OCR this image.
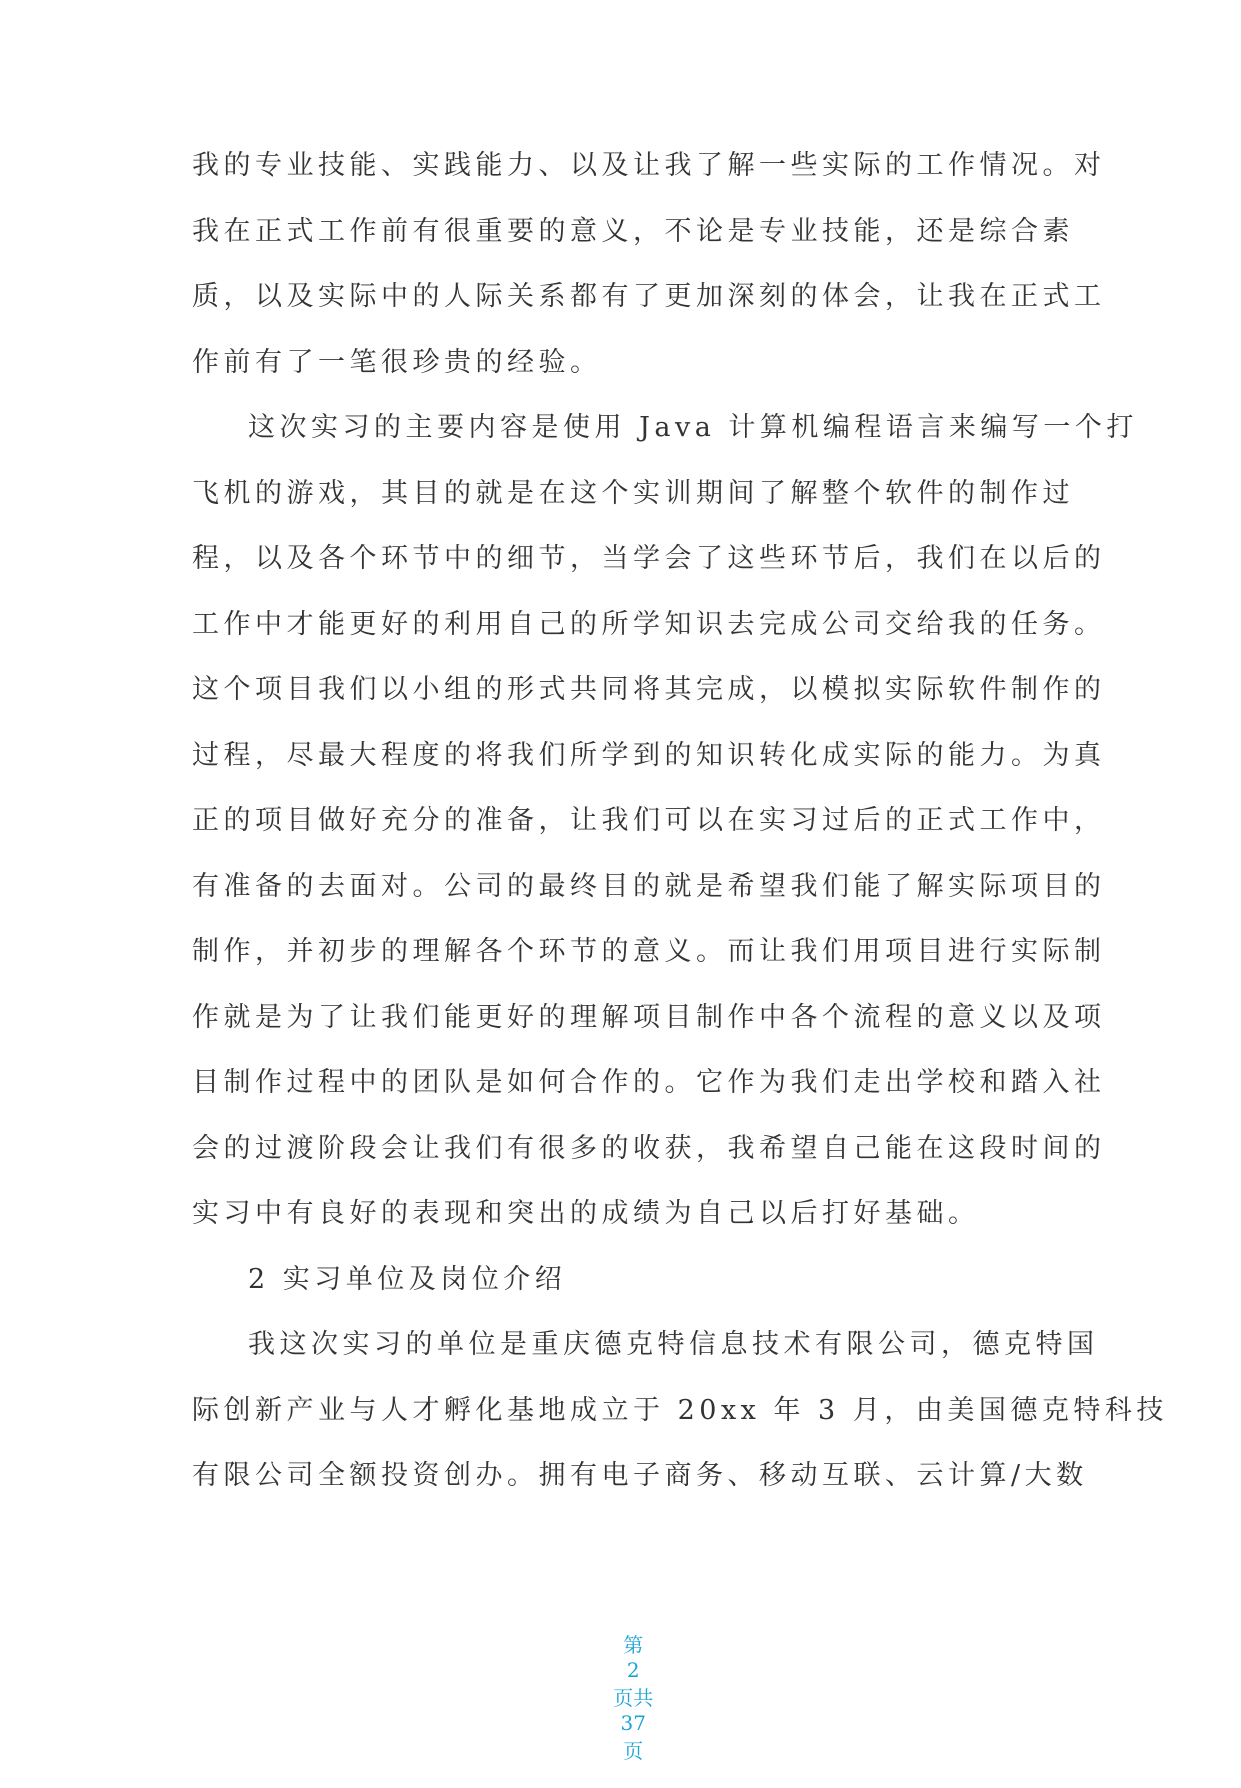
我的专业技能、实践能力、以及让我了解一些实际的工作情况。对
我在正式工作前有很重要的意义，不论是专业技能，还是综合素
质，以及实际中的人际关系都有了更加深刻的体会，让我在正式工
作前有了一笔很珍贵的经验。
这次实习的主要内容是使用 Java 计算机编程语言来编写一个打
飞机的游戏，其目的就是在这个实训期间了解整个软件的制作过
程，以及各个环节中的细节，当学会了这些环节后，我们在以后的
工作中才能更好的利用自己的所学知识去完成公司交给我的任务。
这个项目我们以小组的形式共同将其完成，以模拟实际软件制作的
过程，尽最大程度的将我们所学到的知识转化成实际的能力。为真
正的项目做好充分的准备，让我们可以在实习过后的正式工作中，
有准备的去面对。公司的最终目的就是希望我们能了解实际项目的
制作，并初步的理解各个环节的意义。而让我们用项目进行实际制
作就是为了让我们能更好的理解项目制作中各个流程的意义以及项
目制作过程中的团队是如何合作的。它作为我们走出学校和踏入社
会的过渡阶段会让我们有很多的收获，我希望自己能在这段时间的
实习中有良好的表现和突出的成绩为自己以后打好基础。
2 实习单位及岗位介绍
我这次实习的单位是重庆德克特信息技术有限公司，德克特国
际创新产业与人才孵化基地成立于 20xx 年 3 月，由美国德克特科技
有限公司全额投资创办。拥有电子商务、移动互联、云计算/大数

第
2
页共
37
页
